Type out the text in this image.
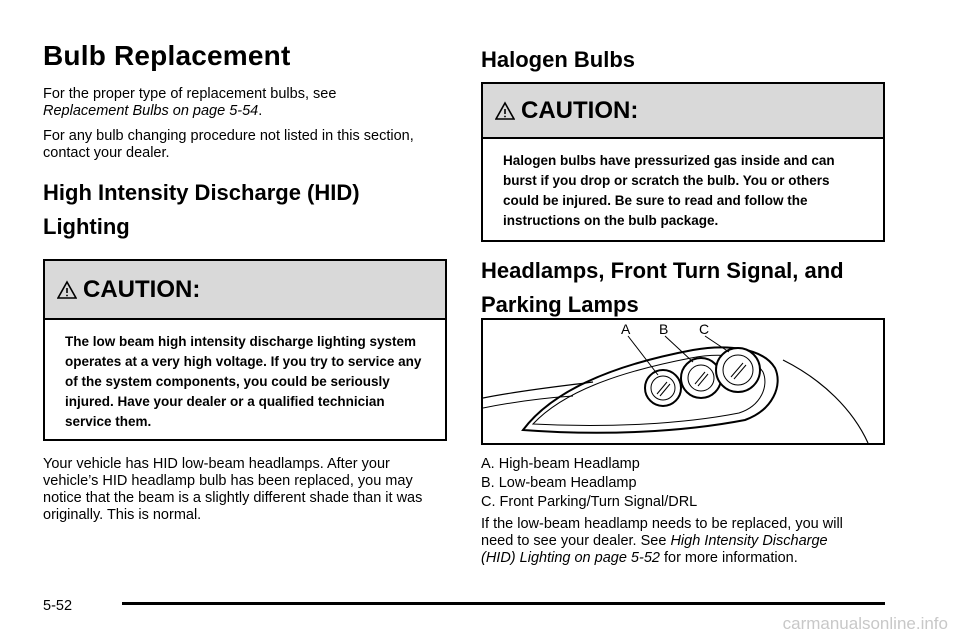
Bulb Replacement

For the proper type of replacement bulbs, see
Replacement Bulbs on page 5-54.

For any bulb changing procedure not listed in this section, contact your dealer.

High Intensity Discharge (HID)
Lighting
CAUTION:
The low beam high intensity discharge lighting system operates at a very high voltage. If you try to service any of the system components, you could be seriously injured. Have your dealer or a qualified technician service them.

Your vehicle has HID low-beam headlamps. After your vehicle’s HID headlamp bulb has been replaced, you may notice that the beam is a slightly different shade than it was originally. This is normal.

Halogen Bulbs
CAUTION:
Halogen bulbs have pressurized gas inside and can burst if you drop or scratch the bulb. You or others could be injured. Be sure to read and follow the instructions on the bulb package.
Headlamps, Front Turn Signal, and
Parking Lamps
A B C
A. High-beam Headlamp
B. Low-beam Headlamp
C. Front Parking/Turn Signal/DRL

If the low-beam headlamp needs to be replaced, you will need to see your dealer. See High Intensity Discharge (HID) Lighting on page 5-52 for more information.

5-52
carmanualsonline.info
